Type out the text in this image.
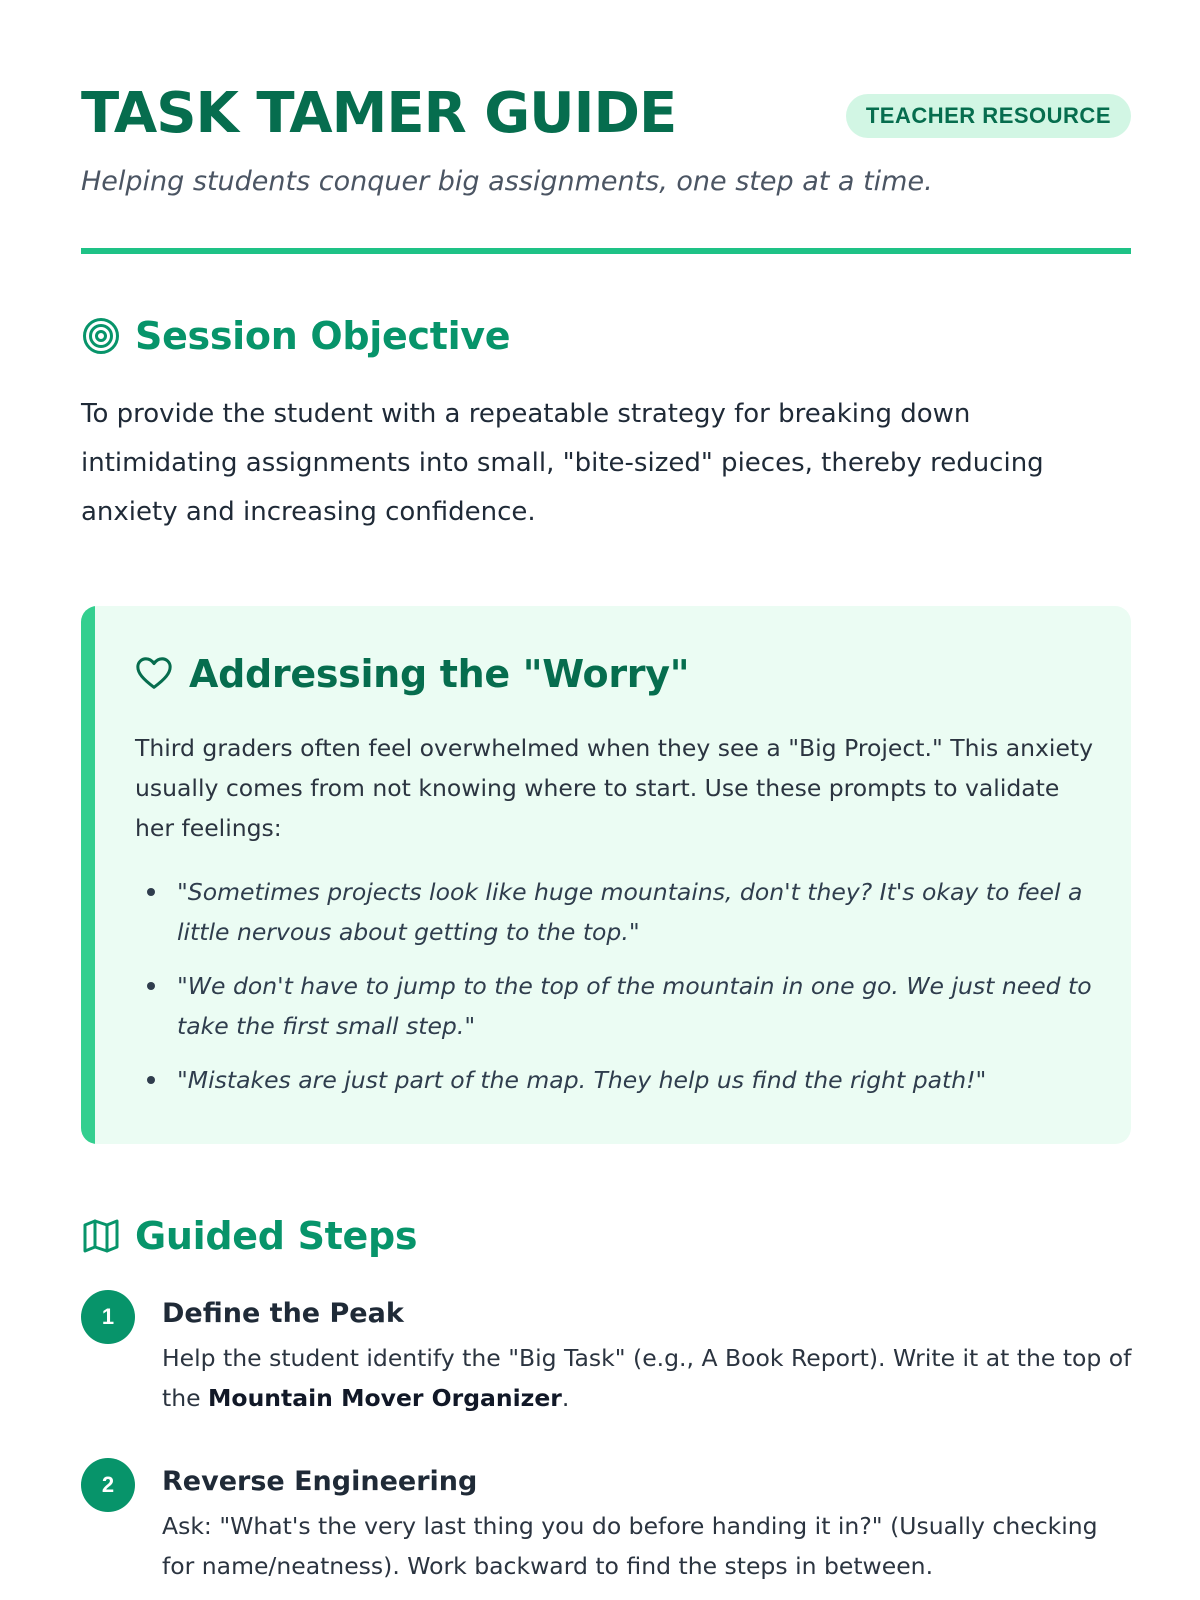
TASK TAMER GUIDE	TEACHER RESOURCE

Helping students conquer big assignments, one step at a time.

Session Objective

To provide the student with a repeatable strategy for breaking down intimidating assignments into small, "bite-sized" pieces, thereby reducing anxiety and increasing confidence.

Addressing the "Worry"

Third graders often feel overwhelmed when they see a "Big Project." This anxiety usually comes from not knowing where to start. Use these prompts to validate her feelings:

"Sometimes projects look like huge mountains, don't they? It's okay to feel a little nervous about getting to the top."
"We don't have to jump to the top of the mountain in one go. We just need to take the first small step."
"Mistakes are just part of the map. They help us find the right path!"
Guided Steps
1	Define the Peak

Help the student identify the "Big Task" (e.g., A Book Report). Write it at the top of the Mountain Mover Organizer.

2	Reverse Engineering

Ask: "What's the very last thing you do before handing it in?" (Usually checking for name/neatness). Work backward to find the steps in between.
